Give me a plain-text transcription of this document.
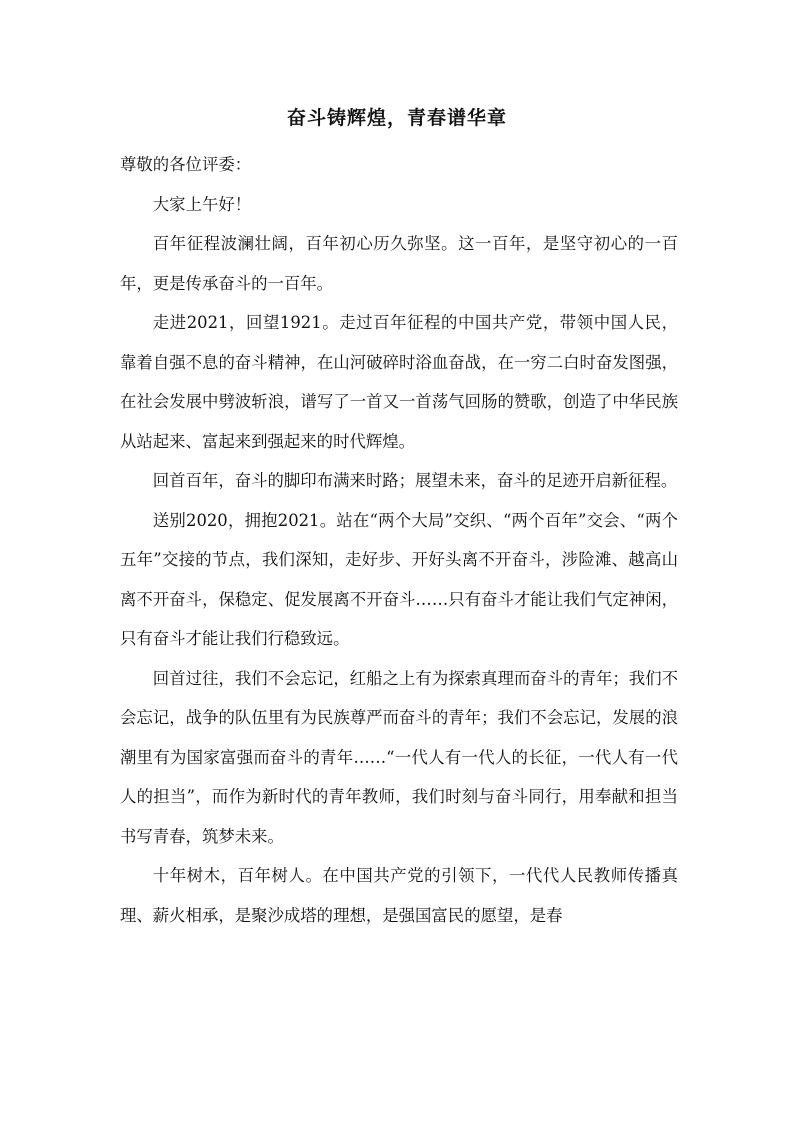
奋斗铸辉煌，青春谱华章

尊敬的各位评委：

大家上午好！

百年征程波澜壮阔，百年初心历久弥坚。这一百年，是坚守初心的一百年，更是传承奋斗的一百年。

走进2021，回望1921。走过百年征程的中国共产党，带领中国人民，靠着自强不息的奋斗精神，在山河破碎时浴血奋战，在一穷二白时奋发图强，在社会发展中劈波斩浪，谱写了一首又一首荡气回肠的赞歌，创造了中华民族从站起来、富起来到强起来的时代辉煌。

回首百年，奋斗的脚印布满来时路；展望未来，奋斗的足迹开启新征程。

送别2020，拥抱2021。站在“两个大局”交织、“两个百年”交会、“两个五年”交接的节点，我们深知，走好步、开好头离不开奋斗，涉险滩、越高山离不开奋斗，保稳定、促发展离不开奋斗……只有奋斗才能让我们气定神闲，只有奋斗才能让我们行稳致远。

回首过往，我们不会忘记，红船之上有为探索真理而奋斗的青年；我们不会忘记，战争的队伍里有为民族尊严而奋斗的青年；我们不会忘记，发展的浪潮里有为国家富强而奋斗的青年……“一代人有一代人的长征，一代人有一代人的担当”，而作为新时代的青年教师，我们时刻与奋斗同行，用奉献和担当书写青春，筑梦未来。

十年树木，百年树人。在中国共产党的引领下，一代代人民教师传播真理、薪火相承，是聚沙成塔的理想，是强国富民的愿望，是春
